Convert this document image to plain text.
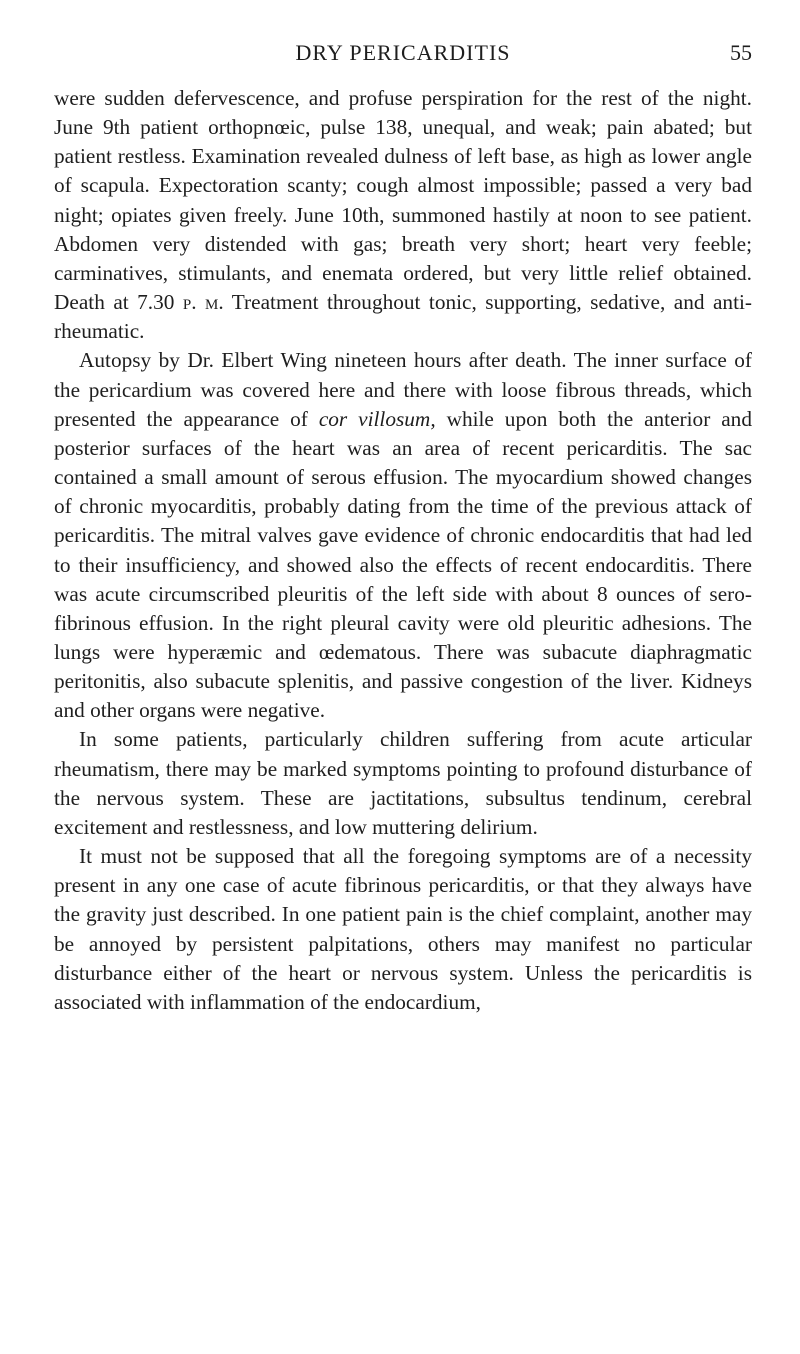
DRY PERICARDITIS	55

were sudden defervescence, and profuse perspiration for the rest of the night. June 9th patient orthopnœic, pulse 138, unequal, and weak; pain abated; but patient restless. Examination revealed dulness of left base, as high as lower angle of scapula. Expectoration scanty; cough almost impossible; passed a very bad night; opiates given freely. June 10th, summoned hastily at noon to see patient. Abdomen very distended with gas; breath very short; heart very feeble; carminatives, stimulants, and enemata ordered, but very little relief obtained. Death at 7.30 p. m. Treatment throughout tonic, supporting, sedative, and anti-rheumatic.

Autopsy by Dr. Elbert Wing nineteen hours after death. The inner surface of the pericardium was covered here and there with loose fibrous threads, which presented the appearance of cor villosum, while upon both the anterior and posterior surfaces of the heart was an area of recent pericarditis. The sac contained a small amount of serous effusion. The myocardium showed changes of chronic myocarditis, probably dating from the time of the previous attack of pericarditis. The mitral valves gave evidence of chronic endocarditis that had led to their insufficiency, and showed also the effects of recent endocarditis. There was acute circumscribed pleuritis of the left side with about 8 ounces of sero-fibrinous effusion. In the right pleural cavity were old pleuritic adhesions. The lungs were hyperæmic and œdematous. There was subacute diaphragmatic peritonitis, also subacute splenitis, and passive congestion of the liver. Kidneys and other organs were negative.

In some patients, particularly children suffering from acute articular rheumatism, there may be marked symptoms pointing to profound disturbance of the nervous system. These are jactitations, subsultus tendinum, cerebral excitement and restlessness, and low muttering delirium.

It must not be supposed that all the foregoing symptoms are of a necessity present in any one case of acute fibrinous pericarditis, or that they always have the gravity just described. In one patient pain is the chief complaint, another may be annoyed by persistent palpitations, others may manifest no particular disturbance either of the heart or nervous system. Unless the pericarditis is associated with inflammation of the endocardium,
